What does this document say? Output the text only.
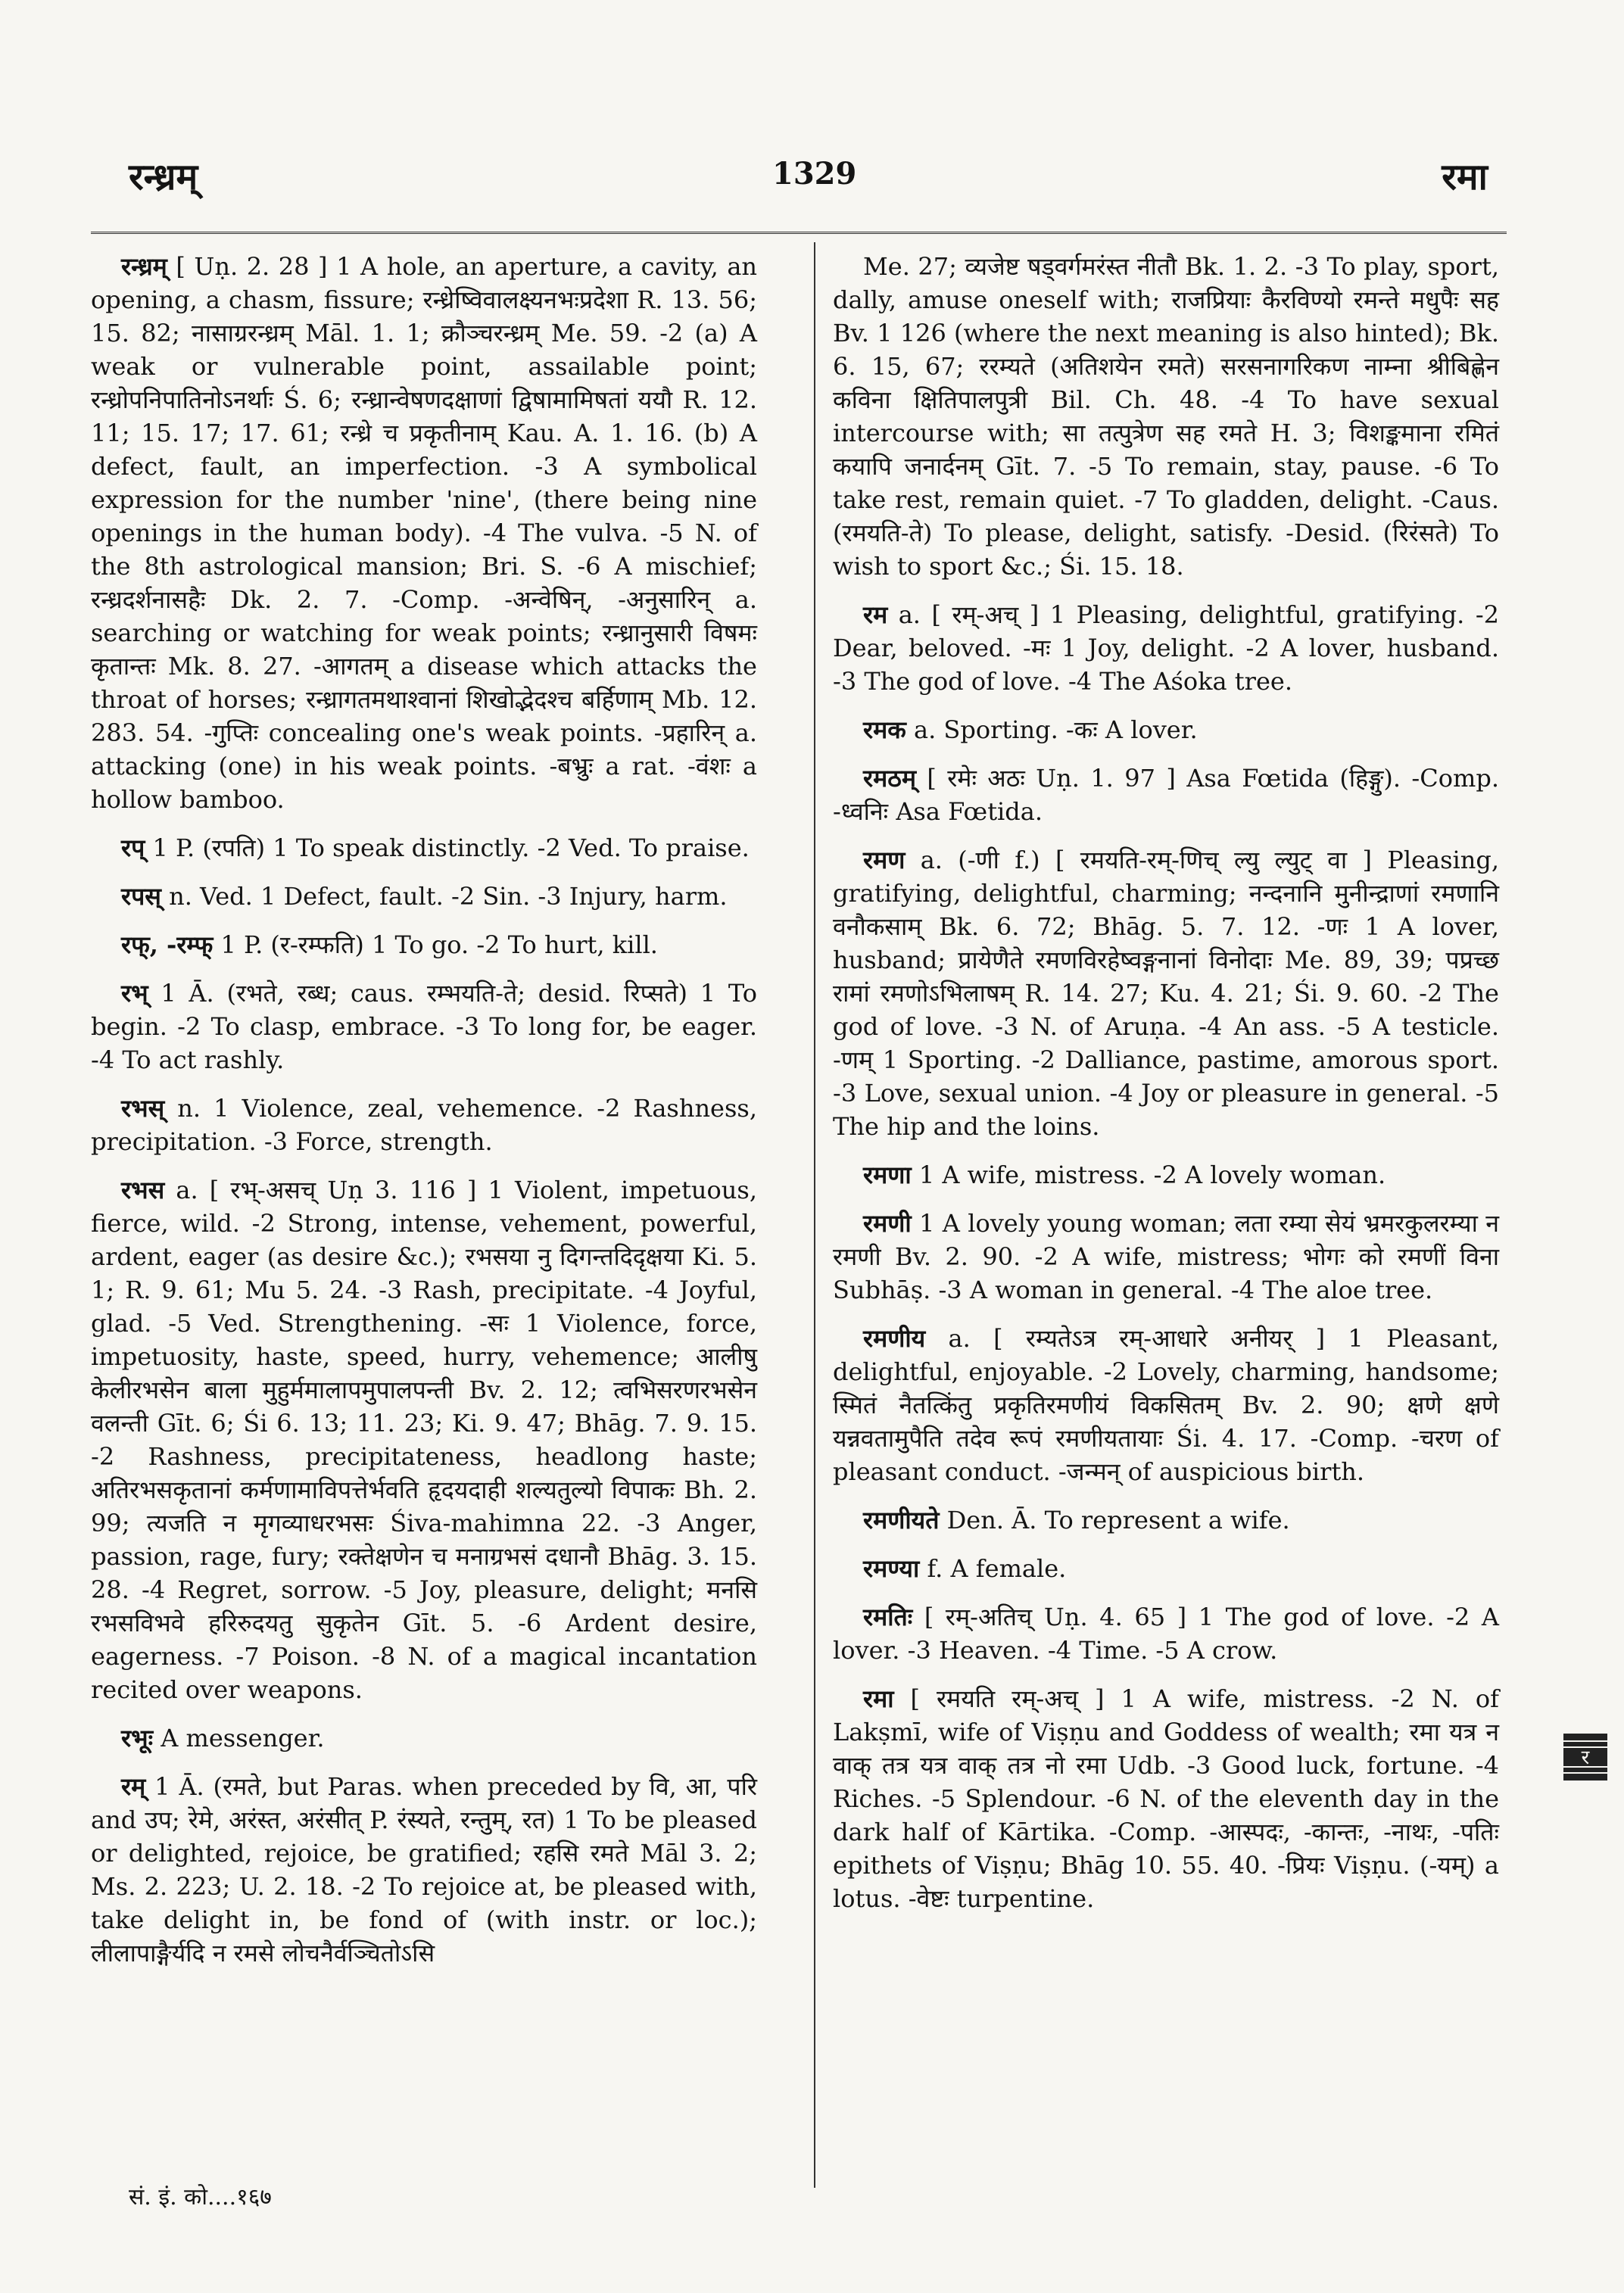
रन्ध्रम्	1329	रमा

रन्ध्रम् [ Uṇ. 2. 28 ] 1 A hole, an aperture, a cavity, an opening, a chasm, fissure; रन्ध्रेष्विवालक्ष्यनभःप्रदेशा R. 13. 56; 15. 82; नासाग्ररन्ध्रम् Māl. 1. 1; क्रौञ्चरन्ध्रम् Me. 59. -2 (a) A weak or vulnerable point, assailable point; रन्ध्रोपनिपातिनोऽनर्थाः Ś. 6; रन्ध्रान्वेषणदक्षाणां द्विषामामिषतां ययौ R. 12. 11; 15. 17; 17. 61; रन्ध्रे च प्रकृतीनाम् Kau. A. 1. 16. (b) A defect, fault, an imperfection. -3 A symbolical expression for the number 'nine', (there being nine openings in the human body). -4 The vulva. -5 N. of the 8th astrological mansion; Bri. S. -6 A mischief; रन्ध्रदर्शनासहैः Dk. 2. 7. -Comp. -अन्वेषिन्, -अनुसारिन् a. searching or watching for weak points; रन्ध्रानुसारी विषमः कृतान्तः Mk. 8. 27. -आगतम् a disease which attacks the throat of horses; रन्ध्रागतमथाश्वानां शिखोद्भेदश्च बर्हिणाम् Mb. 12. 283. 54. -गुप्तिः concealing one's weak points. -प्रहारिन् a. attacking (one) in his weak points. -बभ्रुः a rat. -वंशः a hollow bamboo.

रप् 1 P. (रपति) 1 To speak distinctly. -2 Ved. To praise.

रपस् n. Ved. 1 Defect, fault. -2 Sin. -3 Injury, harm.

रफ्, -रम्फ् 1 P. (र-रम्फति) 1 To go. -2 To hurt, kill.

रभ् 1 Ā. (रभते, रब्ध; caus. रम्भयति-ते; desid. रिप्सते) 1 To begin. -2 To clasp, embrace. -3 To long for, be eager. -4 To act rashly.

रभस् n. 1 Violence, zeal, vehemence. -2 Rashness, precipitation. -3 Force, strength.

रभस a. [ रभ्-असच् Uṇ 3. 116 ] 1 Violent, impetuous, fierce, wild. -2 Strong, intense, vehement, powerful, ardent, eager (as desire &c.); रभसया नु दिगन्तदिदृक्षया Ki. 5. 1; R. 9. 61; Mu 5. 24. -3 Rash, precipitate. -4 Joyful, glad. -5 Ved. Strengthening. -सः 1 Violence, force, impetuosity, haste, speed, hurry, vehemence; आलीषु केलीरभसेन बाला मुहुर्ममालापमुपालपन्ती Bv. 2. 12; त्वभिसरणरभसेन वलन्ती Gīt. 6; Śi 6. 13; 11. 23; Ki. 9. 47; Bhāg. 7. 9. 15. -2 Rashness, precipitateness, headlong haste; अतिरभसकृतानां कर्मणामाविपत्तेर्भवति हृदयदाही शल्यतुल्यो विपाकः Bh. 2. 99; त्यजति न मृगव्याधरभसः Śiva-mahimna 22. -3 Anger, passion, rage, fury; रक्तेक्षणेन च मनाग्रभसं दधानौ Bhāg. 3. 15. 28. -4 Regret, sorrow. -5 Joy, pleasure, delight; मनसि रभसविभवे हरिरुदयतु सुकृतेन Gīt. 5. -6 Ardent desire, eagerness. -7 Poison. -8 N. of a magical incantation recited over weapons.

रभूः A messenger.

रम् 1 Ā. (रमते, but Paras. when preceded by वि, आ, परि and उप; रेमे, अरंस्त, अरंसीत् P. रंस्यते, रन्तुम्, रत) 1 To be pleased or delighted, rejoice, be gratified; रहसि रमते Māl 3. 2; Ms. 2. 223; U. 2. 18. -2 To rejoice at, be pleased with, take delight in, be fond of (with instr. or loc.); लीलापाङ्गैर्यदि न रमसे लोचनैर्वञ्चितोऽसि

Me. 27; व्यजेष्ट षड्वर्गमरंस्त नीतौ Bk. 1. 2. -3 To play, sport, dally, amuse oneself with; राजप्रियाः कैरविण्यो रमन्ते मधुपैः सह Bv. 1 126 (where the next meaning is also hinted); Bk. 6. 15, 67; ररम्यते (अतिशयेन रमते) सरसनागरिकण नाम्ना श्रीबिह्णेन कविना क्षितिपालपुत्री Bil. Ch. 48. -4 To have sexual intercourse with; सा तत्पुत्रेण सह रमते H. 3; विशङ्कमाना रमितं कयापि जनार्दनम् Gīt. 7. -5 To remain, stay, pause. -6 To take rest, remain quiet. -7 To gladden, delight. -Caus. (रमयति-ते) To please, delight, satisfy. -Desid. (रिरंसते) To wish to sport &c.; Śi. 15. 18.

रम a. [ रम्-अच् ] 1 Pleasing, delightful, gratifying. -2 Dear, beloved. -मः 1 Joy, delight. -2 A lover, husband. -3 The god of love. -4 The Aśoka tree.

रमक a. Sporting. -कः A lover.

रमठम् [ रमेः अठः Uṇ. 1. 97 ] Asa Fœtida (हिङ्गु). -Comp. -ध्वनिः Asa Fœtida.

रमण a. (-णी f.) [ रमयति-रम्-णिच् ल्यु ल्युट् वा ] Pleasing, gratifying, delightful, charming; नन्दनानि मुनीन्द्राणां रमणानि वनौकसाम् Bk. 6. 72; Bhāg. 5. 7. 12. -णः 1 A lover, husband; प्रायेणैते रमणविरहेष्वङ्गनानां विनोदाः Me. 89, 39; पप्रच्छ रामां रमणोऽभिलाषम् R. 14. 27; Ku. 4. 21; Śi. 9. 60. -2 The god of love. -3 N. of Aruṇa. -4 An ass. -5 A testicle. -णम् 1 Sporting. -2 Dalliance, pastime, amorous sport. -3 Love, sexual union. -4 Joy or pleasure in general. -5 The hip and the loins.

रमणा 1 A wife, mistress. -2 A lovely woman.

रमणी 1 A lovely young woman; लता रम्या सेयं भ्रमरकुलरम्या न रमणी Bv. 2. 90. -2 A wife, mistress; भोगः को रमणीं विना Subhāṣ. -3 A woman in general. -4 The aloe tree.

रमणीय a. [ रम्यतेऽत्र रम्-आधारे अनीयर् ] 1 Pleasant, delightful, enjoyable. -2 Lovely, charming, handsome; स्मितं नैतत्किंतु प्रकृतिरमणीयं विकसितम् Bv. 2. 90; क्षणे क्षणे यन्नवतामुपैति तदेव रूपं रमणीयतायाः Śi. 4. 17. -Comp. -चरण of pleasant conduct. -जन्मन् of auspicious birth.

रमणीयते Den. Ā. To represent a wife.

रमण्या f. A female.

रमतिः [ रम्-अतिच् Uṇ. 4. 65 ] 1 The god of love. -2 A lover. -3 Heaven. -4 Time. -5 A crow.

रमा [ रमयति रम्-अच् ] 1 A wife, mistress. -2 N. of Lakṣmī, wife of Viṣṇu and Goddess of wealth; रमा यत्र न वाक् तत्र यत्र वाक् तत्र नो रमा Udb. -3 Good luck, fortune. -4 Riches. -5 Splendour. -6 N. of the eleventh day in the dark half of Kārtika. -Comp. -आस्पदः, -कान्तः, -नाथः, -पतिः epithets of Viṣṇu; Bhāg 10. 55. 40. -प्रियः Viṣṇu. (-यम्) a lotus. -वेष्टः turpentine.

सं. इं. को....१६७
र
